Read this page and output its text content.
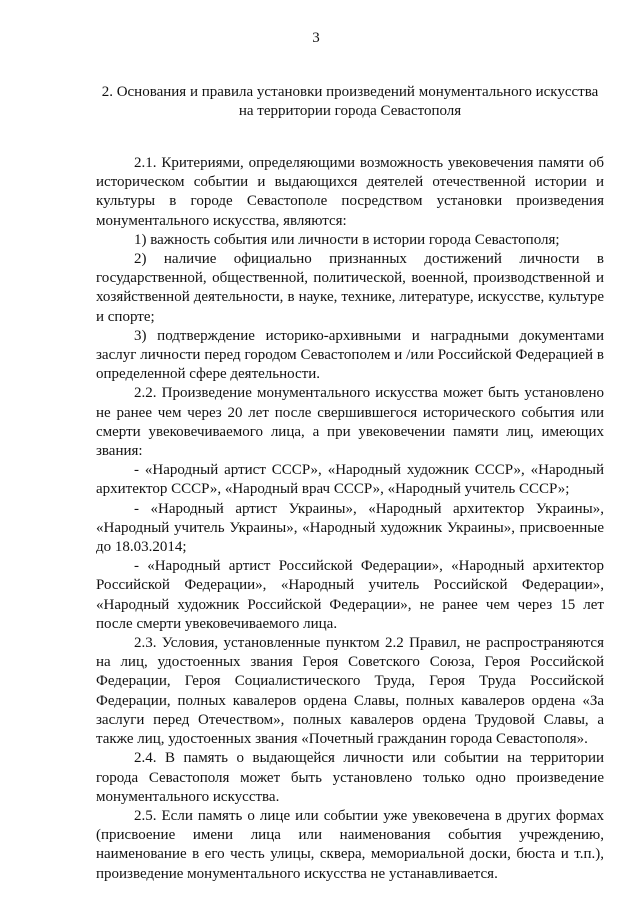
3
2. Основания и правила установки произведений монументального искусства на территории города Севастополя

2.1. Критериями, определяющими возможность увековечения памяти об историческом событии и выдающихся деятелей отечественной истории и культуры в городе Севастополе посредством установки произведения монументального искусства, являются:

1) важность события или личности в истории города Севастополя;

2) наличие официально признанных достижений личности в государственной, общественной, политической, военной, производственной и хозяйственной деятельности, в науке, технике, литературе, искусстве, культуре и спорте;

3) подтверждение историко-архивными и наградными документами заслуг личности перед городом Севастополем и /или Российской Федерацией в определенной сфере деятельности.

2.2. Произведение монументального искусства может быть установлено не ранее чем через 20 лет после свершившегося исторического события или смерти увековечиваемого лица, а при увековечении памяти лиц, имеющих звания:

- «Народный артист СССР», «Народный художник СССР», «Народный архитектор СССР», «Народный врач СССР», «Народный учитель СССР»;

- «Народный артист Украины», «Народный архитектор Украины», «Народный учитель Украины», «Народный художник Украины», присвоенные до 18.03.2014;

- «Народный артист Российской Федерации», «Народный архитектор Российской Федерации», «Народный учитель Российской Федерации», «Народный художник Российской Федерации», не ранее чем через 15 лет после смерти увековечиваемого лица.

2.3. Условия, установленные пунктом 2.2 Правил, не распространяются на лиц, удостоенных звания Героя Советского Союза, Героя Российской Федерации, Героя Социалистического Труда, Героя Труда Российской Федерации, полных кавалеров ордена Славы, полных кавалеров ордена «За заслуги перед Отечеством», полных кавалеров ордена Трудовой Славы, а также лиц, удостоенных звания «Почетный гражданин города Севастополя».

2.4. В память о выдающейся личности или событии на территории города Севастополя может быть установлено только одно произведение монументального искусства.

2.5. Если память о лице или событии уже увековечена в других формах (присвоение имени лица или наименования события учреждению, наименование в его честь улицы, сквера, мемориальной доски, бюста и т.п.), произведение монументального искусства не устанавливается.
